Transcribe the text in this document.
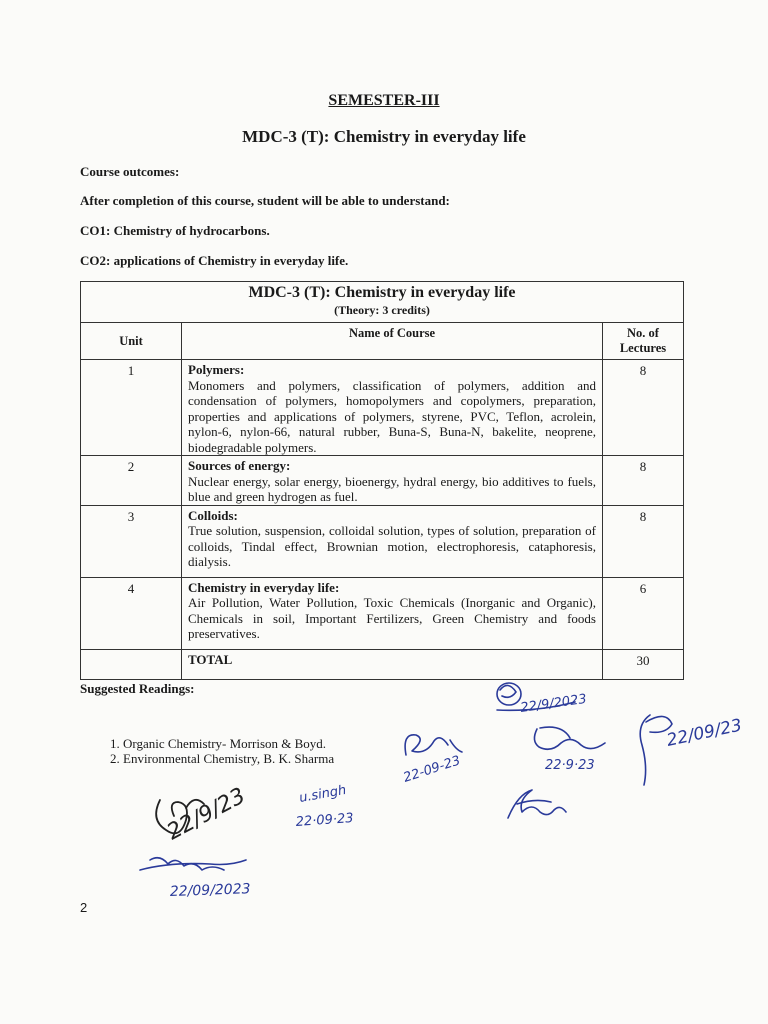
SEMESTER-III
MDC-3 (T): Chemistry in everyday life
Course outcomes:
After completion of this course, student will be able to understand:
CO1: Chemistry of hydrocarbons.
CO2: applications of Chemistry in everyday life.
MDC-3 (T): Chemistry in everyday life
(Theory: 3 credits)		

Unit	Name of Course	No. of Lectures
1	Polymers:
Monomers and polymers, classification of polymers, addition and condensation of polymers, homopolymers and copolymers, preparation, properties and applications of polymers, styrene, PVC, Teflon, acrolein, nylon-6, nylon-66, natural rubber, Buna-S, Buna-N, bakelite, neoprene, biodegradable polymers.	8
2	Sources of energy:
Nuclear energy, solar energy, bioenergy, hydral energy, bio additives to fuels, blue and green hydrogen as fuel.	8
3	Colloids:
True solution, suspension, colloidal solution, types of solution, preparation of colloids, Tindal effect, Brownian motion, electrophoresis, cataphoresis, dialysis.	8
4	Chemistry in everyday life:
Air Pollution, Water Pollution, Toxic Chemicals (Inorganic and Organic), Chemicals in soil, Important Fertilizers, Green Chemistry and foods preservatives.	6
	TOTAL	30
Suggested Readings:
1. Organic Chemistry- Morrison & Boyd.
2. Environmental Chemistry, B. K. Sharma
22/9/2023
22/09/23
22·9·23
22-09-23
22/9/23	u.singh
22·09·23
22/09/2023
2
